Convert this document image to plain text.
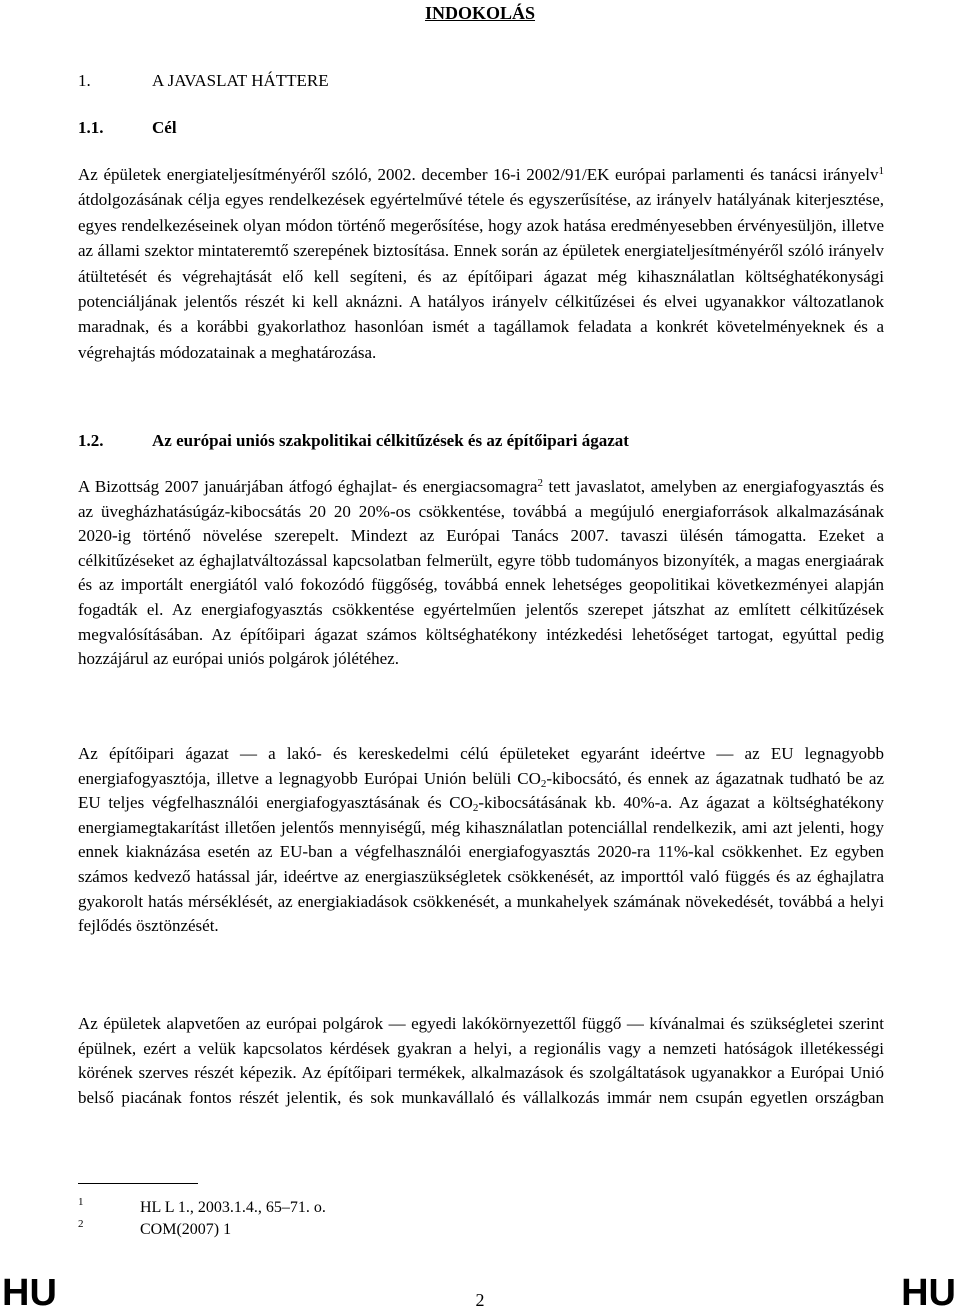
INDOKOLÁS
1.	A JAVASLAT HÁTTERE
1.1.	Cél
Az épületek energiateljesítményéről szóló, 2002. december 16-i 2002/91/EK európai parlamenti és tanácsi irányelv$^1$ átdolgozásának célja egyes rendelkezések egyértelművé tétele és egyszerűsítése, az irányelv hatályának kiterjesztése, egyes rendelkezéseinek olyan módon történő megerősítése, hogy azok hatása eredményesebben érvényesüljön, illetve az állami szektor mintateremtő szerepének biztosítása. Ennek során az épületek energiateljesítményéről szóló irányelv átültetését és végrehajtását elő kell segíteni, és az építőipari ágazat még kihasználatlan költséghatékonysági potenciáljának jelentős részét ki kell aknázni. A hatályos irányelv célkitűzései és elvei ugyanakkor változatlanok maradnak, és a korábbi gyakorlathoz hasonlóan ismét a tagállamok feladata a konkrét követelményeknek és a végrehajtás módozatainak a meghatározása.
1.2.	Az európai uniós szakpolitikai célkitűzések és az építőipari ágazat
A Bizottság 2007 januárjában átfogó éghajlat- és energiacsomagra$^2$ tett javaslatot, amelyben az energiafogyasztás és az üvegházhatásúgáz-kibocsátás 20 20 20%-os csökkentése, továbbá a megújuló energiaforrások alkalmazásának 2020-ig történő növelése szerepelt. Mindezt az Európai Tanács 2007. tavaszi ülésén támogatta. Ezeket a célkitűzéseket az éghajlatváltozással kapcsolatban felmerült, egyre több tudományos bizonyíték, a magas energiaárak és az importált energiától való fokozódó függőség, továbbá ennek lehetséges geopolitikai következményei alapján fogadták el. Az energiafogyasztás csökkentése egyértelműen jelentős szerepet játszhat az említett célkitűzések megvalósításában. Az építőipari ágazat számos költséghatékony intézkedési lehetőséget tartogat, egyúttal pedig hozzájárul az európai uniós polgárok jólétéhez.
Az építőipari ágazat — a lakó- és kereskedelmi célú épületeket egyaránt ideértve — az EU legnagyobb energiafogyasztója, illetve a legnagyobb Európai Unión belüli $CO_2$-kibocsátó, és ennek az ágazatnak tudható be az EU teljes végfelhasználói energiafogyasztásának és $CO_2$-kibocsátásának kb. 40%-a. Az ágazat a költséghatékony energiamegtakarítást illetően jelentős mennyiségű, még kihasználatlan potenciállal rendelkezik, ami azt jelenti, hogy ennek kiaknázása esetén az EU-ban a végfelhasználói energiafogyasztás 2020-ra 11%-kal csökkenhet. Ez egyben számos kedvező hatással jár, ideértve az energiaszükségletek csökkenését, az importtól való függés és az éghajlatra gyakorolt hatás mérséklését, az energiakiadások csökkenését, a munkahelyek számának növekedését, továbbá a helyi fejlődés ösztönzését.
Az épületek alapvetően az európai polgárok — egyedi lakókörnyezettől függő — kívánalmai és szükségletei szerint épülnek, ezért a velük kapcsolatos kérdések gyakran a helyi, a regionális vagy a nemzeti hatóságok illetékességi körének szerves részét képezik. Az építőipari termékek, alkalmazások és szolgáltatások ugyanakkor a Európai Unió belső piacának fontos részét jelentik, és sok munkavállaló és vállalkozás immár nem csupán egyetlen országban
1	HL L 1., 2003.1.4., 65–71. o.
2	COM(2007) 1
HU	2	HU
